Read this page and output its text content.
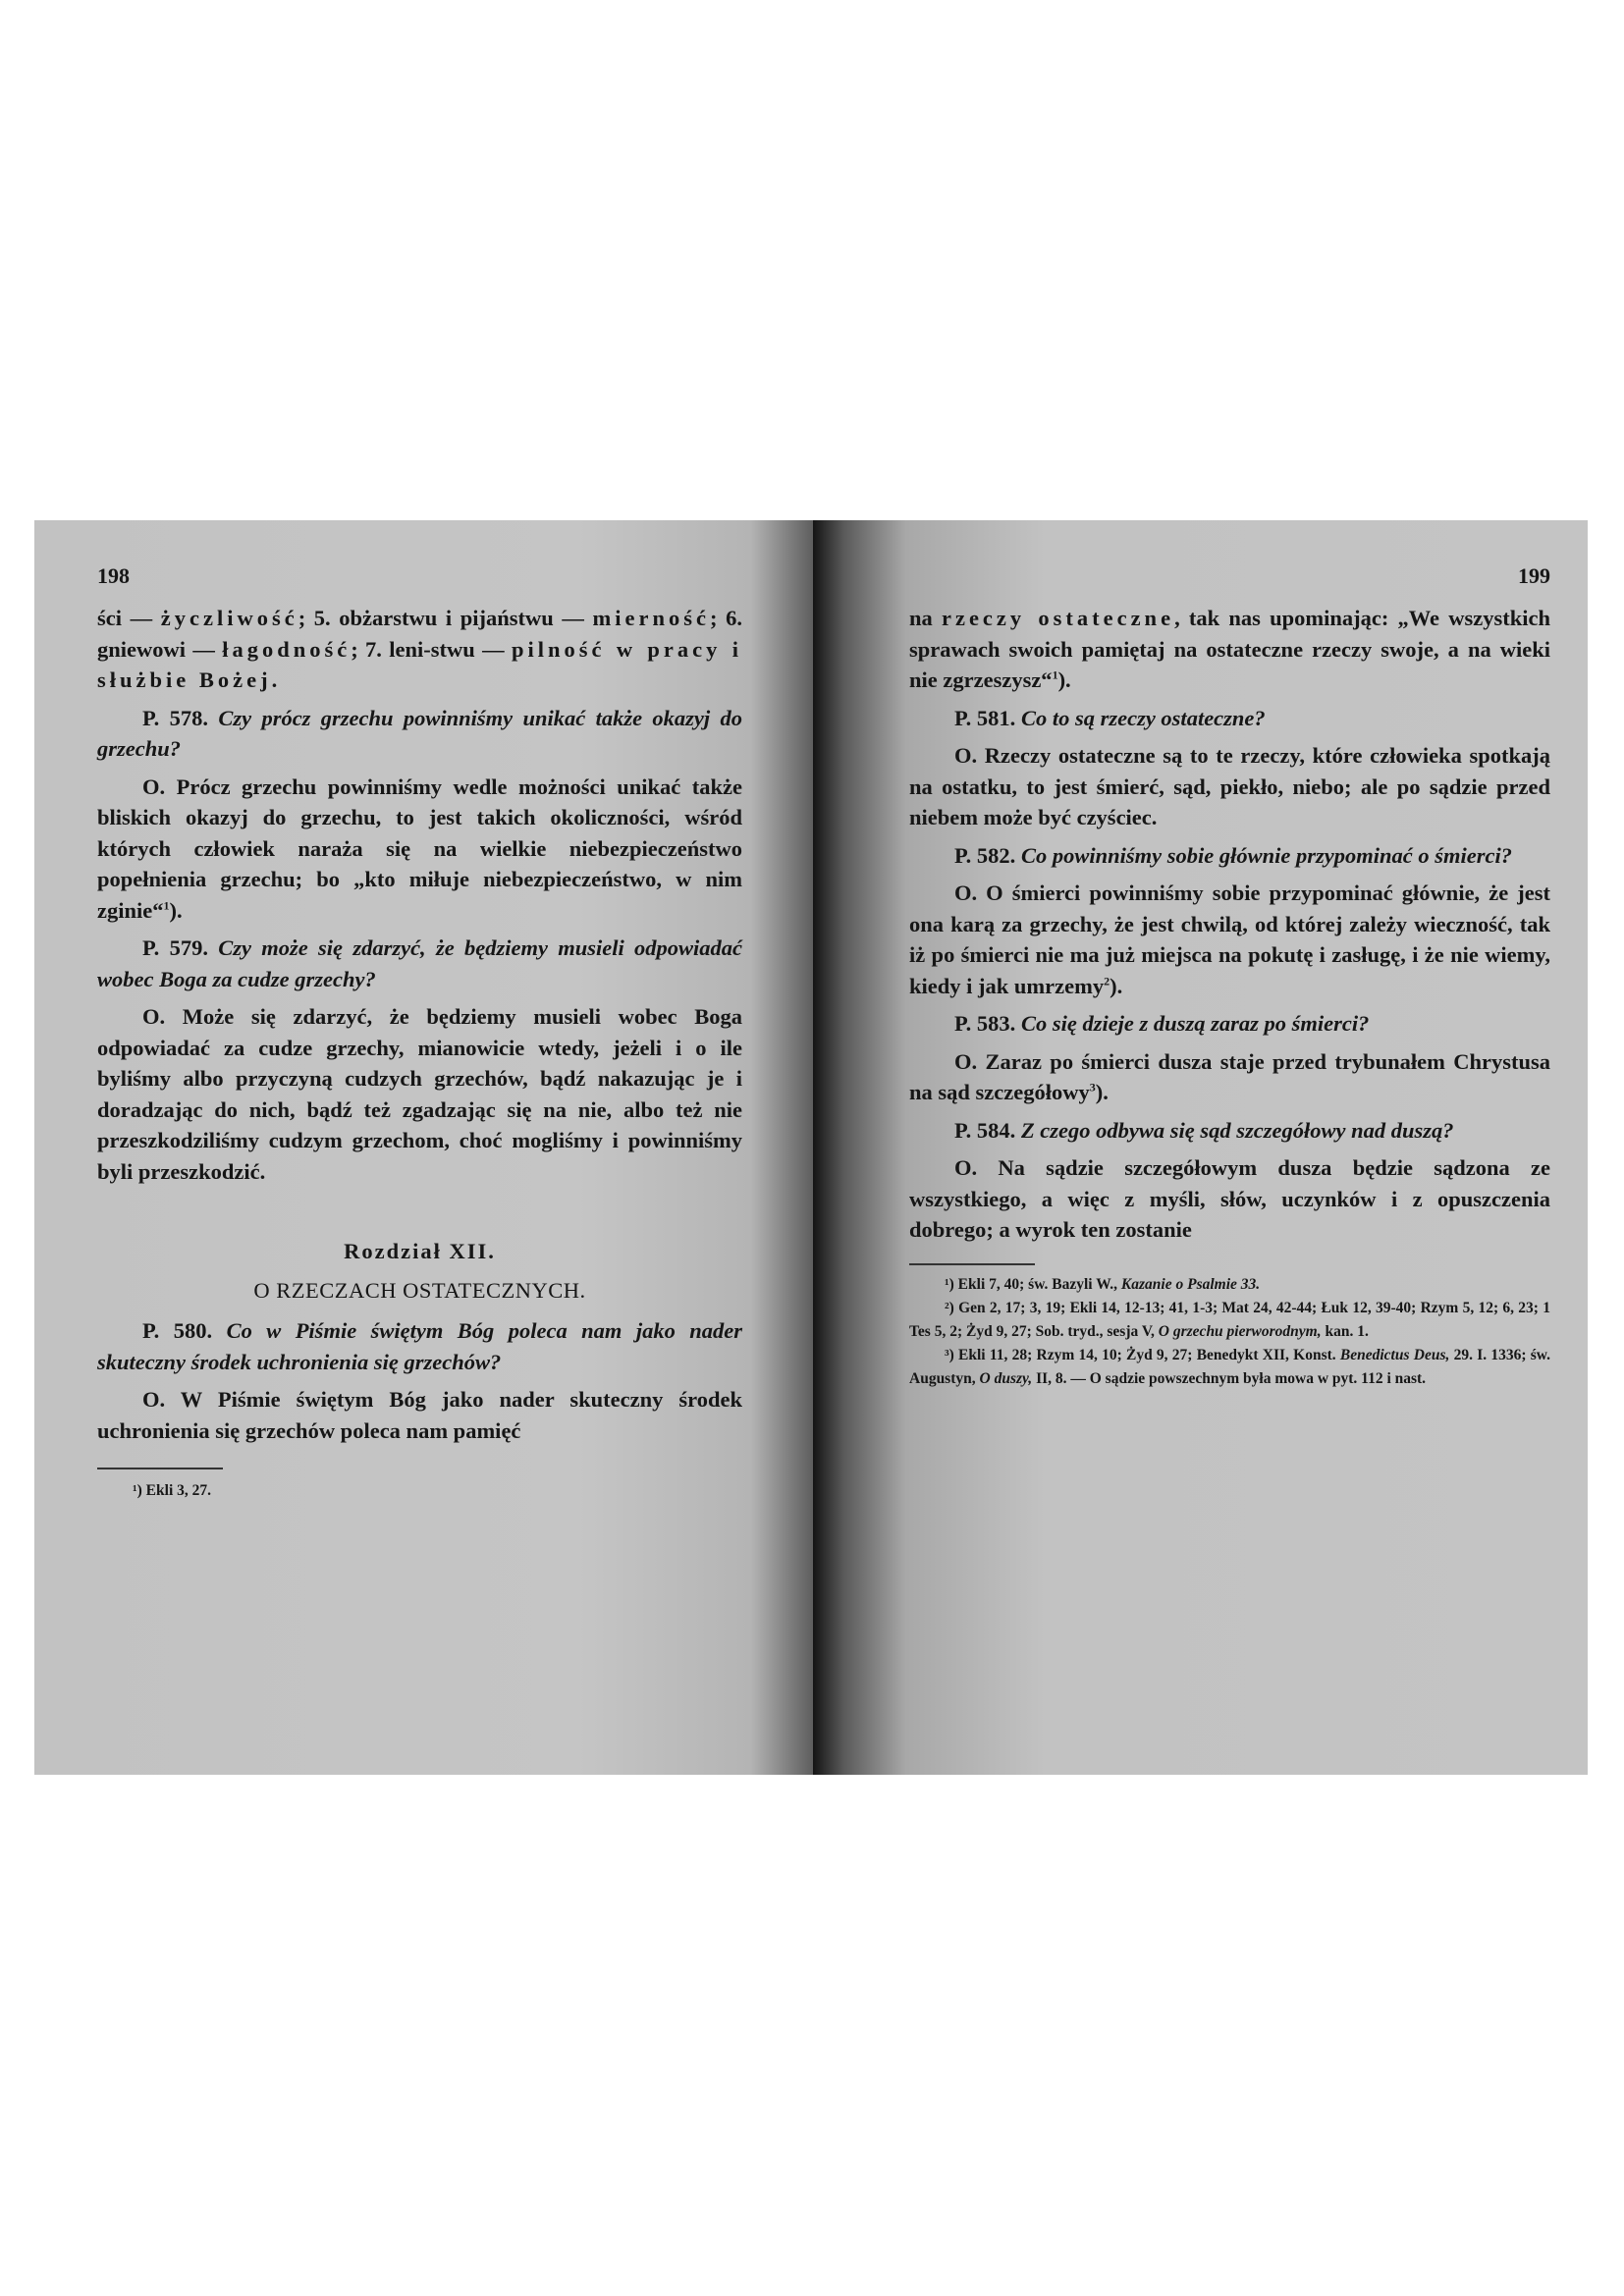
198

ści — życzliwość; 5. obżarstwu i pijaństwu — mierność; 6. gniewowi — łagodność; 7. leni-stwu — pilność w pracy i służbie Bożej.

P. 578. Czy prócz grzechu powinniśmy unikać także okazyj do grzechu?

O. Prócz grzechu powinniśmy wedle możności unikać także bliskich okazyj do grzechu, to jest takich okoliczności, wśród których człowiek naraża się na wielkie niebezpieczeństwo popełnienia grzechu; bo „kto miłuje niebezpieczeństwo, w nim zginie“$^1$).

P. 579. Czy może się zdarzyć, że będziemy musieli odpowiadać wobec Boga za cudze grzechy?

O. Może się zdarzyć, że będziemy musieli wobec Boga odpowiadać za cudze grzechy, mianowicie wtedy, jeżeli i o ile byliśmy albo przyczyną cudzych grzechów, bądź nakazując je i doradzając do nich, bądź też zgadzając się na nie, albo też nie przeszkodziliśmy cudzym grzechom, choć mogliśmy i powinniśmy byli przeszkodzić.

Rozdział XII.

O RZECZACH OSTATECZNYCH.

P. 580. Co w Piśmie świętym Bóg poleca nam jako nader skuteczny środek uchronienia się grzechów?

O. W Piśmie świętym Bóg jako nader skuteczny środek uchronienia się grzechów poleca nam pamięć

¹) Ekli 3, 27.

199

na rzeczy ostateczne, tak nas upominając: „We wszystkich sprawach swoich pamiętaj na ostateczne rzeczy swoje, a na wieki nie zgrzeszysz“$^1$).

P. 581. Co to są rzeczy ostateczne?

O. Rzeczy ostateczne są to te rzeczy, które człowieka spotkają na ostatku, to jest śmierć, sąd, piekło, niebo; ale po sądzie przed niebem może być czyściec.

P. 582. Co powinniśmy sobie głównie przypominać o śmierci?

O. O śmierci powinniśmy sobie przypominać głównie, że jest ona karą za grzechy, że jest chwilą, od której zależy wieczność, tak iż po śmierci nie ma już miejsca na pokutę i zasługę, i że nie wiemy, kiedy i jak umrzemy$^2$).

P. 583. Co się dzieje z duszą zaraz po śmierci?

O. Zaraz po śmierci dusza staje przed trybunałem Chrystusa na sąd szczegółowy$^3$).

P. 584. Z czego odbywa się sąd szczegółowy nad duszą?

O. Na sądzie szczegółowym dusza będzie sądzona ze wszystkiego, a więc z myśli, słów, uczynków i z opuszczenia dobrego; a wyrok ten zostanie

¹) Ekli 7, 40; św. Bazyli W., Kazanie o Psalmie 33.

²) Gen 2, 17; 3, 19; Ekli 14, 12-13; 41, 1-3; Mat 24, 42-44; Łuk 12, 39-40; Rzym 5, 12; 6, 23; 1 Tes 5, 2; Żyd 9, 27; Sob. tryd., sesja V, O grzechu pierworodnym, kan. 1.

³) Ekli 11, 28; Rzym 14, 10; Żyd 9, 27; Benedykt XII, Konst. Benedictus Deus, 29. I. 1336; św. Augustyn, O duszy, II, 8. — O sądzie powszechnym była mowa w pyt. 112 i nast.
